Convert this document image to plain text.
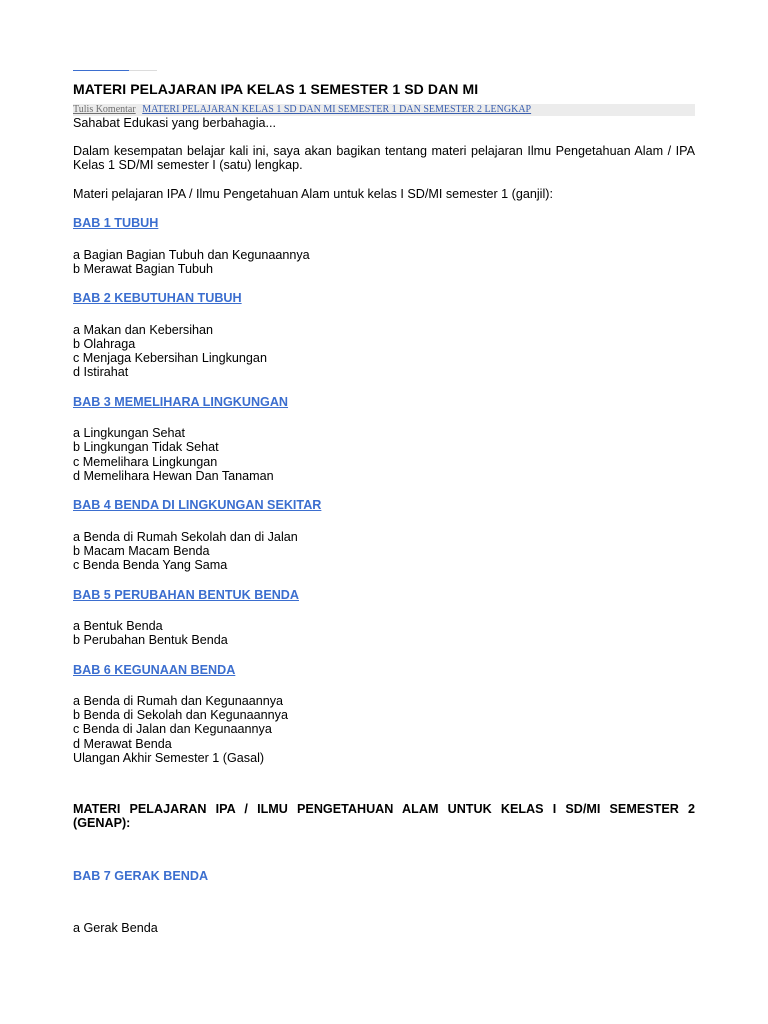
MATERI PELAJARAN IPA KELAS 1 SEMESTER 1 SD DAN MI
Tulis Komentar MATERI PELAJARAN KELAS 1 SD DAN MI SEMESTER 1 DAN SEMESTER 2 LENGKAP

Sahabat Edukasi yang berbahagia...

Dalam kesempatan belajar kali ini, saya akan bagikan tentang materi pelajaran Ilmu Pengetahuan Alam / IPA Kelas 1 SD/MI semester I (satu) lengkap.

Materi pelajaran IPA / Ilmu Pengetahuan Alam untuk kelas I SD/MI semester 1 (ganjil):

BAB 1 TUBUH

a Bagian Bagian Tubuh dan Kegunaannya

b Merawat Bagian Tubuh

BAB 2 KEBUTUHAN TUBUH

a Makan dan Kebersihan

b Olahraga

c Menjaga Kebersihan Lingkungan

d Istirahat

BAB 3 MEMELIHARA LINGKUNGAN

a Lingkungan Sehat

b Lingkungan Tidak Sehat

c Memelihara Lingkungan

d Memelihara Hewan Dan Tanaman

BAB 4 BENDA DI LINGKUNGAN SEKITAR

a Benda di Rumah Sekolah dan di Jalan

b Macam Macam Benda

c Benda Benda Yang Sama

BAB 5 PERUBAHAN BENTUK BENDA

a Bentuk Benda

b Perubahan Bentuk Benda

BAB 6 KEGUNAAN BENDA

a Benda di Rumah dan Kegunaannya

b Benda di Sekolah dan Kegunaannya

c Benda di Jalan dan Kegunaannya

d Merawat Benda

Ulangan Akhir Semester 1 (Gasal)

MATERI PELAJARAN IPA / ILMU PENGETAHUAN ALAM UNTUK KELAS I SD/MI SEMESTER 2 (GENAP):

BAB 7 GERAK BENDA

a Gerak Benda
